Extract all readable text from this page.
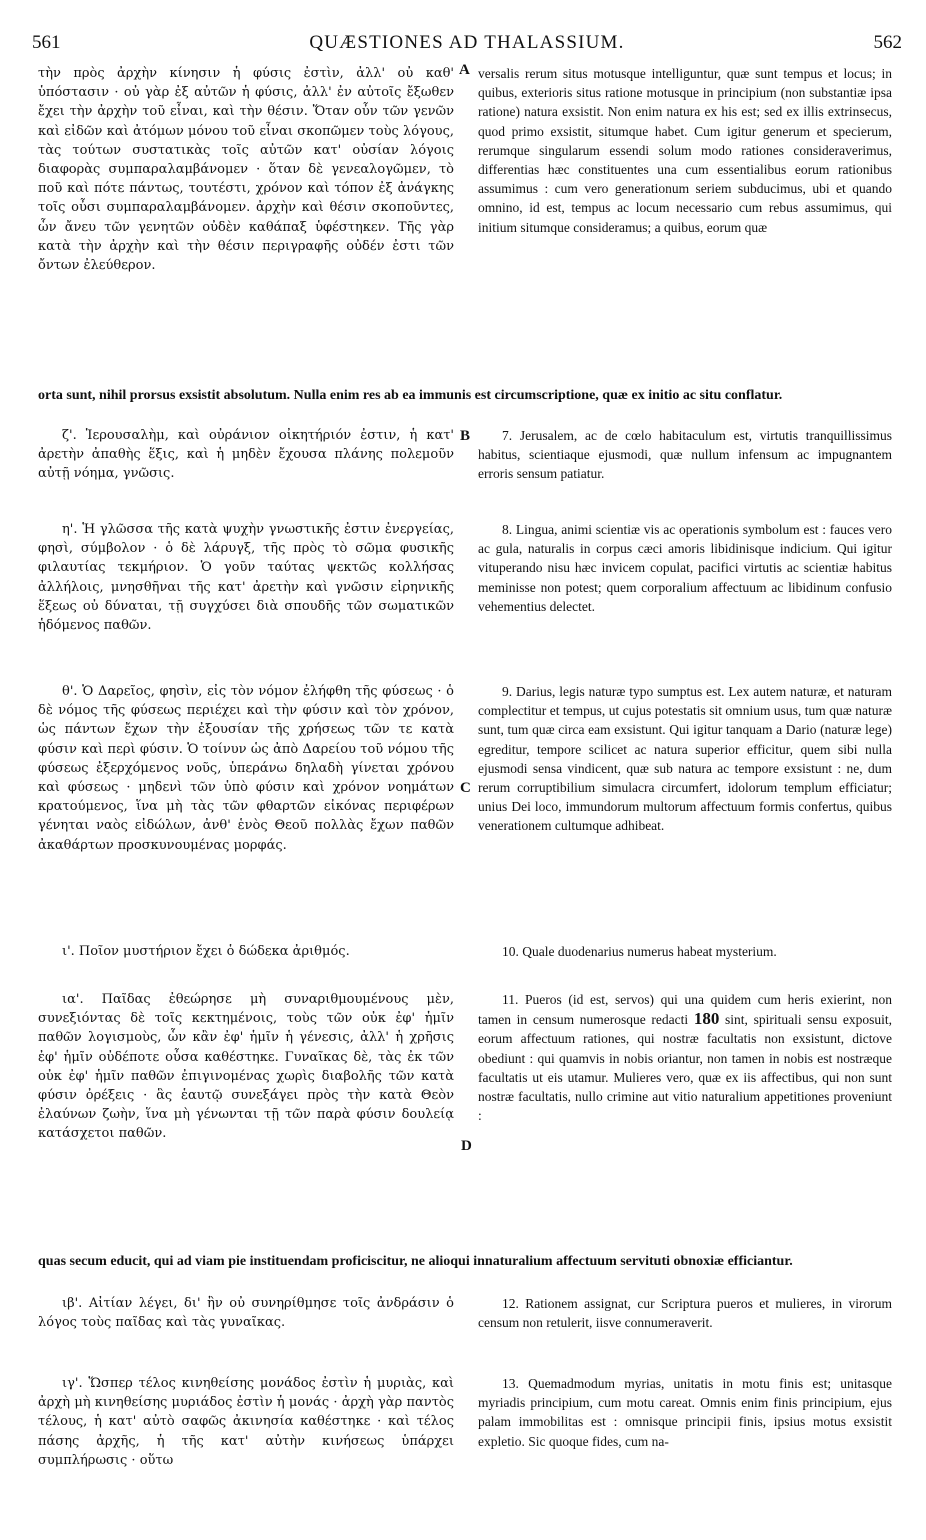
561	QUÆSTIONES AD THALASSIUM.	562
A
B
C
D

τὴν πρὸς ἀρχὴν κίνησιν ἡ φύσις ἐστὶν, ἀλλ' οὐ καθ' ὑπόστασιν · οὐ γὰρ ἐξ αὐτῶν ἡ φύσις, ἀλλ' ἐν αὐτοῖς ἔξωθεν ἔχει τὴν ἀρχὴν τοῦ εἶναι, καὶ τὴν θέσιν. Ὅταν οὖν τῶν γενῶν καὶ εἰδῶν καὶ ἀτόμων μόνου τοῦ εἶναι σκοπῶμεν τοὺς λόγους, τὰς τούτων συστατικὰς τοῖς αὐτῶν κατ' οὐσίαν λόγοις διαφορὰς συμπαραλαμβάνομεν · ὅταν δὲ γενεαλογῶμεν, τὸ ποῦ καὶ πότε πάντως, τουτέστι, χρόνον καὶ τόπον ἐξ ἀνάγκης τοῖς οὖσι συμπαραλαμβάνομεν. ἀρχὴν καὶ θέσιν σκοποῦντες, ὧν ἄνευ τῶν γενητῶν οὐδὲν καθάπαξ ὑφέστηκεν. Τῆς γὰρ κατὰ τὴν ἀρχὴν καὶ τὴν θέσιν περιγραφῆς οὐδέν ἐστι τῶν ὄντων ἐλεύθερον.

versalis rerum situs motusque intelliguntur, quæ sunt tempus et locus; in quibus, exterioris situs ratione motusque in principium (non substantiæ ipsa ratione) natura exsistit. Non enim natura ex his est; sed ex illis extrinsecus, quod primo exsistit, situmque habet. Cum igitur generum et specierum, rerumque singularum essendi solum modo rationes consideraverimus, differentias hæc constituentes una cum essentialibus eorum rationibus assumimus : cum vero generationum seriem subducimus, ubi et quando omnino, id est, tempus ac locum necessario cum rebus assumimus, qui initium situmque consideramus; a quibus, eorum quæ

orta sunt, nihil prorsus exsistit absolutum. Nulla enim res ab ea immunis est circumscriptione, quæ ex initio ac situ conflatur.

ζ'. Ἱερουσαλὴμ, καὶ οὐράνιον οἰκητήριόν ἐστιν, ἡ κατ' ἀρετὴν ἀπαθὴς ἕξις, καὶ ἡ μηδὲν ἔχουσα πλάνης πολεμοῦν αὐτῇ νόημα, γνῶσις.

7. Jerusalem, ac de cœlo habitaculum est, virtutis tranquillissimus habitus, scientiaque ejusmodi, quæ nullum infensum ac impugnantem erroris sensum patiatur.

η'. Ἡ γλῶσσα τῆς κατὰ ψυχὴν γνωστικῆς ἐστιν ἐνεργείας, φησὶ, σύμβολον · ὁ δὲ λάρυγξ, τῆς πρὸς τὸ σῶμα φυσικῆς φιλαυτίας τεκμήριον. Ὁ γοῦν ταύτας ψεκτῶς κολλήσας ἀλλήλοις, μνησθῆναι τῆς κατ' ἀρετὴν καὶ γνῶσιν εἰρηνικῆς ἕξεως οὐ δύναται, τῇ συγχύσει διὰ σπουδῆς τῶν σωματικῶν ἡδόμενος παθῶν.

8. Lingua, animi scientiæ vis ac operationis symbolum est : fauces vero ac gula, naturalis in corpus cæci amoris libidinisque indicium. Qui igitur vituperando nisu hæc invicem copulat, pacifici virtutis ac scientiæ habitus meminisse non potest; quem corporalium affectuum ac libidinum confusio vehementius delectet.

θ'. Ὁ Δαρεῖος, φησὶν, εἰς τὸν νόμον ἐλήφθη τῆς φύσεως · ὁ δὲ νόμος τῆς φύσεως περιέχει καὶ τὴν φύσιν καὶ τὸν χρόνον, ὡς πάντων ἔχων τὴν ἐξουσίαν τῆς χρήσεως τῶν τε κατὰ φύσιν καὶ περὶ φύσιν. Ὁ τοίνυν ὡς ἀπὸ Δαρείου τοῦ νόμου τῆς φύσεως ἐξερχόμενος νοῦς, ὑπεράνω δηλαδὴ γίνεται χρόνου καὶ φύσεως · μηδενὶ τῶν ὑπὸ φύσιν καὶ χρόνον νοημάτων κρατούμενος, ἵνα μὴ τὰς τῶν φθαρτῶν εἰκόνας περιφέρων γένηται ναὸς εἰδώλων, ἀνθ' ἑνὸς Θεοῦ πολλὰς ἔχων παθῶν ἀκαθάρτων προσκυνουμένας μορφάς.

9. Darius, legis naturæ typo sumptus est. Lex autem naturæ, et naturam complectitur et tempus, ut cujus potestatis sit omnium usus, tum quæ naturæ sunt, tum quæ circa eam exsistunt. Qui igitur tanquam a Dario (naturæ lege) egreditur, tempore scilicet ac natura superior efficitur, quem sibi nulla ejusmodi sensa vindicent, quæ sub natura ac tempore exsistunt : ne, dum rerum corruptibilium simulacra circumfert, idolorum templum efficiatur; unius Dei loco, immundorum multorum affectuum formis confertus, quibus venerationem cultumque adhibeat.

ι'. Ποῖον μυστήριον ἔχει ὁ δώδεκα ἀριθμός.	10. Quale duodenarius numerus habeat mysterium.

ια'. Παῖδας ἐθεώρησε μὴ συναριθμουμένους μὲν, συνεξιόντας δὲ τοῖς κεκτημένοις, τοὺς τῶν οὐκ ἐφ' ἡμῖν παθῶν λογισμοὺς, ὧν κἂν ἐφ' ἡμῖν ἡ γένεσις, ἀλλ' ἡ χρῆσις ἐφ' ἡμῖν οὐδέποτε οὖσα καθέστηκε. Γυναῖκας δὲ, τὰς ἐκ τῶν οὐκ ἐφ' ἡμῖν παθῶν ἐπιγινομένας χωρὶς διαβολῆς τῶν κατὰ φύσιν ὀρέξεις · ἃς ἑαυτῷ συνεξάγει πρὸς τὴν κατὰ Θεὸν ἐλαύνων ζωὴν, ἵνα μὴ γένωνται τῇ τῶν παρὰ φύσιν δουλείᾳ κατάσχετοι παθῶν.

11. Pueros (id est, servos) qui una quidem cum heris exierint, non tamen in censum numerosque redacti 180 sint, spirituali sensu exposuit, eorum affectuum rationes, qui nostræ facultatis non exsistunt, dictove obediunt : qui quamvis in nobis oriantur, non tamen in nobis est nostræque facultatis ut eis utamur. Mulieres vero, quæ ex iis affectibus, qui non sunt nostræ facultatis, nullo crimine aut vitio naturalium appetitiones proveniunt :

quas secum educit, qui ad viam pie instituendam proficiscitur, ne alioqui innaturalium affectuum servituti obnoxiæ efficiantur.

ιβ'. Αἰτίαν λέγει, δι' ἣν οὐ συνηρίθμησε τοῖς ἀνδράσιν ὁ λόγος τοὺς παῖδας καὶ τὰς γυναῖκας.

12. Rationem assignat, cur Scriptura pueros et mulieres, in virorum censum non retulerit, iisve connumeraverit.

ιγ'. Ὥσπερ τέλος κινηθείσης μονάδος ἐστὶν ἡ μυριὰς, καὶ ἀρχὴ μὴ κινηθείσης μυριάδος ἐστὶν ἡ μονάς · ἀρχὴ γὰρ παντὸς τέλους, ἡ κατ' αὐτὸ σαφῶς ἀκινησία καθέστηκε · καὶ τέλος πάσης ἀρχῆς, ἡ τῆς κατ' αὐτὴν κινήσεως ὑπάρχει συμπλήρωσις · οὕτω

13. Quemadmodum myrias, unitatis in motu finis est; unitasque myriadis principium, cum motu careat. Omnis enim finis principium, ejus palam immobilitas est : omnisque principii finis, ipsius motus exsistit expletio. Sic quoque fides, cum na-
